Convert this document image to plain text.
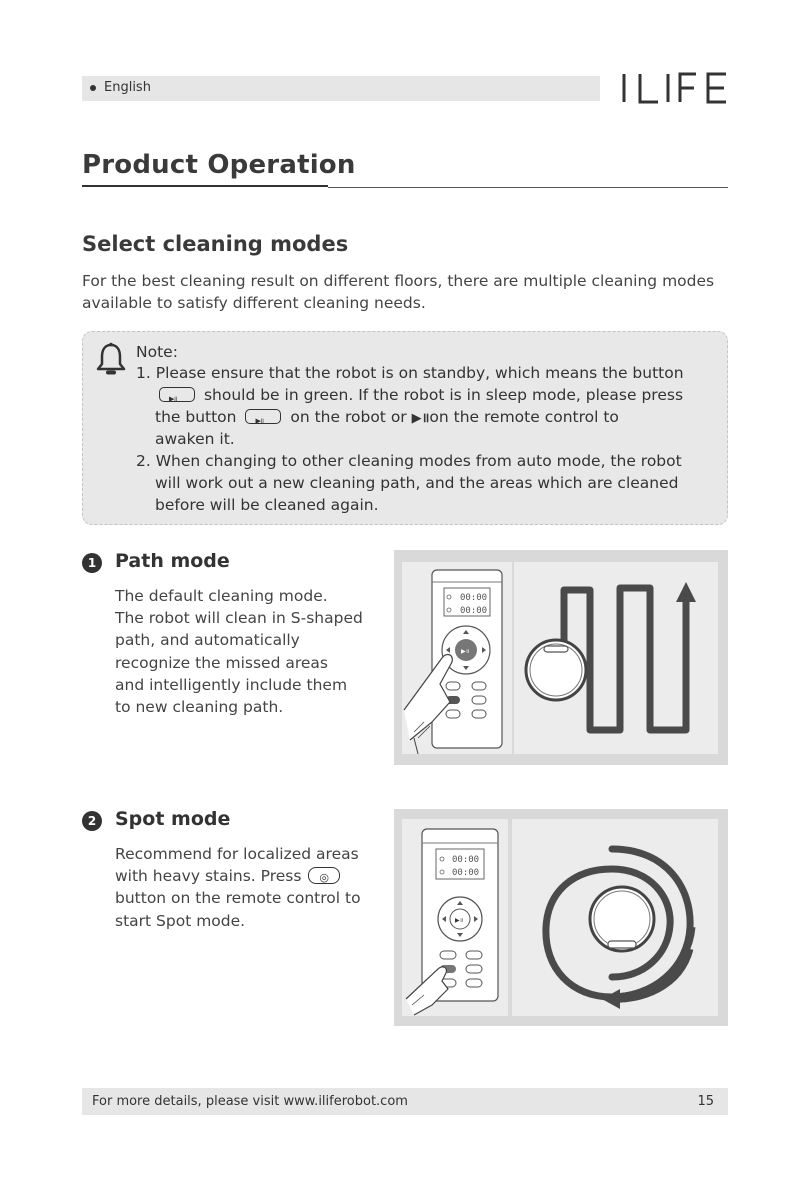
English
Product Operation
Select cleaning modes
For the best cleaning result on different floors, there are multiple cleaning modes available to satisfy different cleaning needs.
Note:
1. Please ensure that the robot is on standby, which means the button
▶॥ should be in green. If the robot is in sleep mode, please press
the button ▶॥	on the robot or ▶॥on the remote control to
awaken it.
2. When changing to other cleaning modes from auto mode, the robot
will work out a new cleaning path, and the areas which are cleaned
before will be cleaned again.
1 Path mode
The default cleaning mode.
The robot will clean in S-shaped
path, and automatically
recognize the missed areas
and intelligently include them
to new cleaning path.
00:00
00:00
▶॥
2 Spot mode
Recommend for localized areas
with heavy stains. Press ◎
button on the remote control to
start Spot mode.
00:00
00:00
▶॥
For more details, please visit www.iliferobot.com	15
